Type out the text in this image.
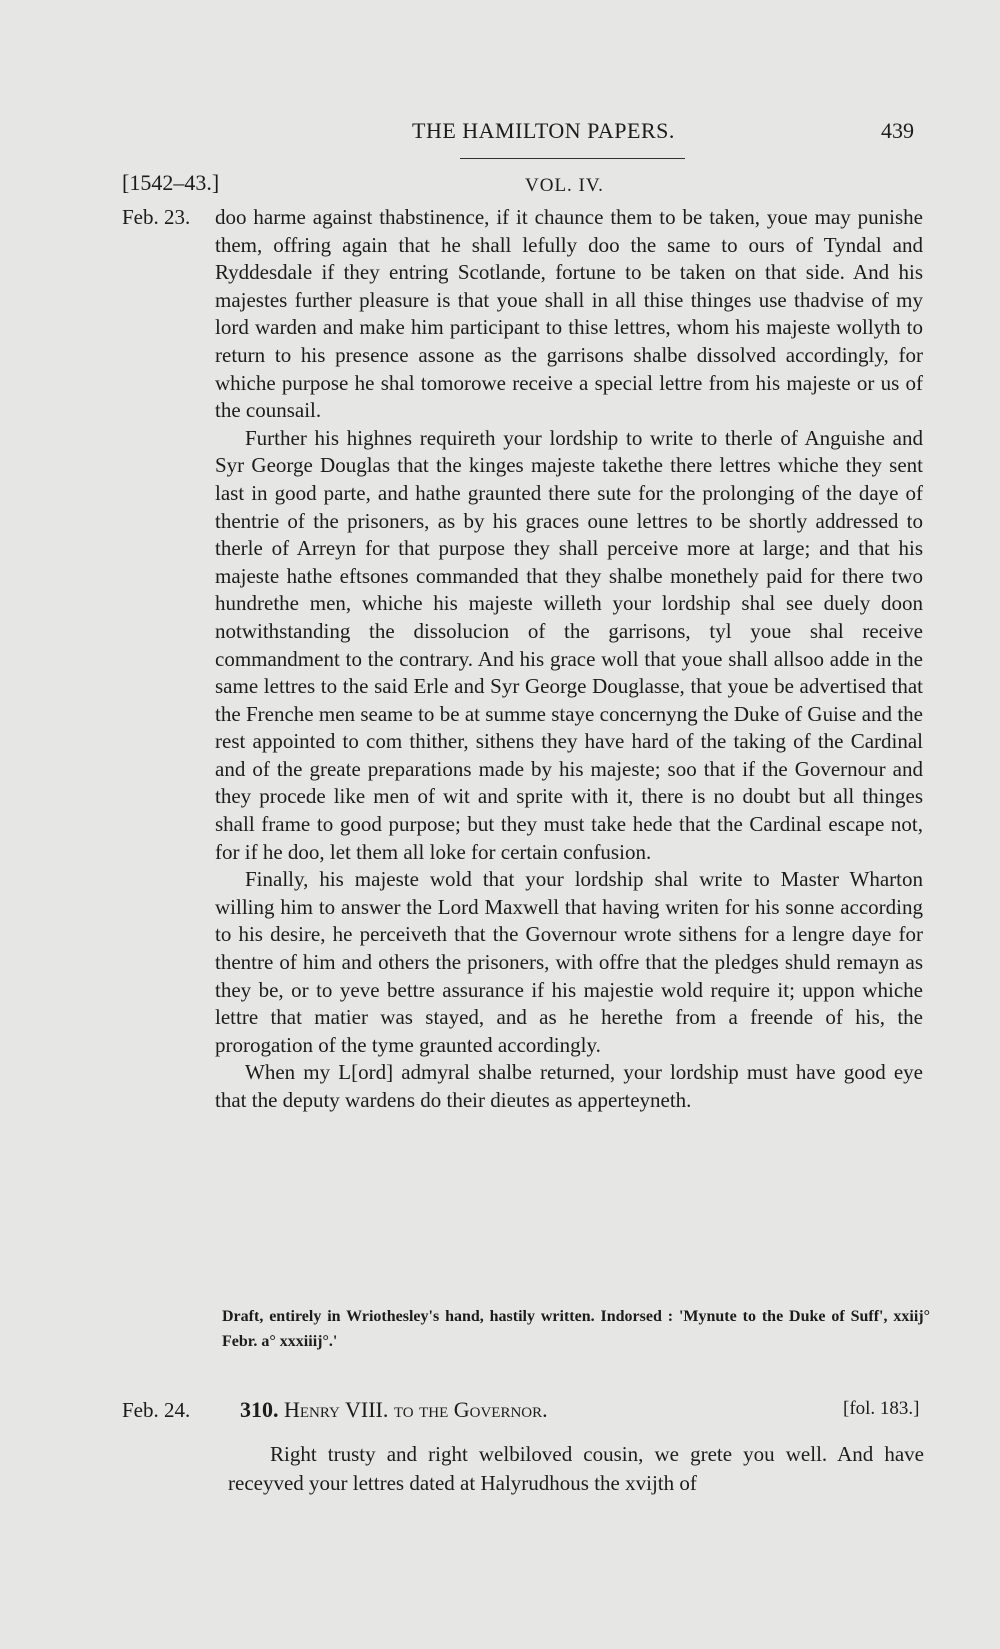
THE HAMILTON PAPERS.	439
[1542–43.]	VOL. IV.
Feb. 23. doo harme against thabstinence, if it chaunce them to be taken, youe may punishe them, offring again that he shall lefully doo the same to ours of Tyndal and Ryddesdale if they entring Scotlande, fortune to be taken on that side. And his majestes further pleasure is that youe shall in all thise thinges use thadvise of my lord warden and make him participant to thise lettres, whom his majeste wollyth to return to his presence assone as the garrisons shalbe dissolved accordingly, for whiche purpose he shal tomorowe receive a special lettre from his majeste or us of the counsail.

Further his highnes requireth your lordship to write to therle of Anguishe and Syr George Douglas that the kinges majeste takethe there lettres whiche they sent last in good parte, and hathe graunted there sute for the prolonging of the daye of thentrie of the prisoners, as by his graces oune lettres to be shortly addressed to therle of Arreyn for that purpose they shall perceive more at large; and that his majeste hathe eftsones commanded that they shalbe monethely paid for there two hundrethe men, whiche his majeste willeth your lordship shal see duely doon notwithstanding the dissolucion of the garrisons, tyl youe shal receive commandment to the contrary. And his grace woll that youe shall allsoo adde in the same lettres to the said Erle and Syr George Douglasse, that youe be advertised that the Frenche men seame to be at summe staye concernyng the Duke of Guise and the rest appointed to com thither, sithens they have hard of the taking of the Cardinal and of the greate preparations made by his majeste; soo that if the Governour and they procede like men of wit and sprite with it, there is no doubt but all thinges shall frame to good purpose; but they must take hede that the Cardinal escape not, for if he doo, let them all loke for certain confusion.

Finally, his majeste wold that your lordship shal write to Master Wharton willing him to answer the Lord Maxwell that having writen for his sonne according to his desire, he perceiveth that the Governour wrote sithens for a lengre daye for thentre of him and others the prisoners, with offre that the pledges shuld remayn as they be, or to yeve bettre assurance if his majestie wold require it; uppon whiche lettre that matier was stayed, and as he herethe from a freende of his, the prorogation of the tyme graunted accordingly.

When my L[ord] admyral shalbe returned, your lordship must have good eye that the deputy wardens do their dieutes as apperteyneth.

Draft, entirely in Wriothesley's hand, hastily written. Indorsed : 'Mynute to the Duke of Suff', xxiij° Febr. a° xxxiiij°.'
Feb. 24. 310. Henry VIII. to the Governor.	[fol. 183.]

Right trusty and right welbiloved cousin, we grete you well. And have receyved your lettres dated at Halyrudhous the xvijth of
